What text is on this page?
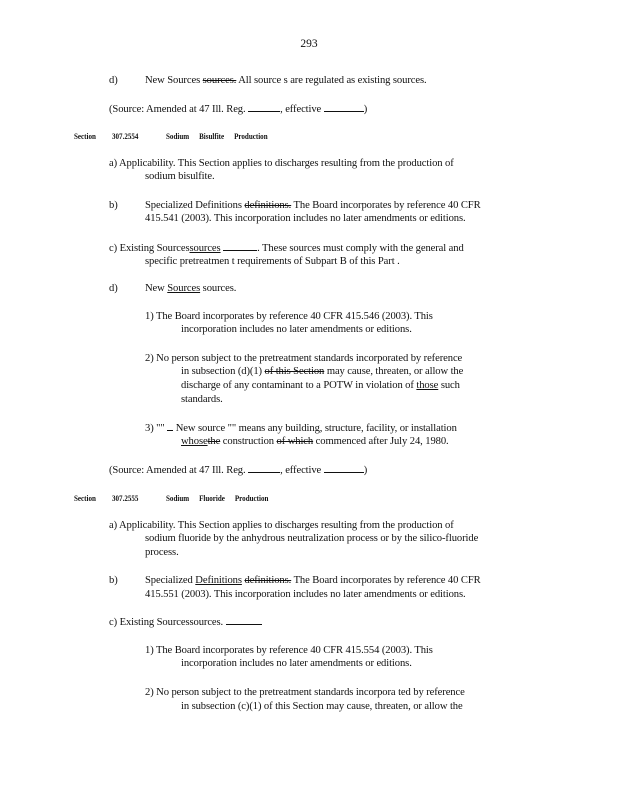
293
d)	New Sources sources. All source s are regulated as existing sources.
(Source: Amended at 47 Ill. Reg.	, effective	)
Section 307.2554	Sodium Bisulfite Production
a) Applicability. This Section applies to discharges resulting from the production of
sodium bisulfite.
b)	Specialized Definitions definitions. The Board incorporates by reference 40 CFR
415.541 (2003). This incorporation includes no later amendments or editions.
c) Existing Sourcessources	. These sources must comply with the general and
specific pretreatmen t requirements of Subpart B of this Part .
d)	New Sources sources.
1) The Board incorporates by reference 40 CFR 415.546 (2003). This
incorporation includes no later amendments or editions.
2) No person subject to the pretreatment standards incorporated by reference
in subsection (d)(1) of this Section may cause, threaten, or allow the
discharge of any contaminant to a POTW in violation of those such
standards.
3) "" New source "" means any building, structure, facility, or installation
whosethe construction of which commenced after July 24, 1980.
(Source: Amended at 47 Ill. Reg.	, effective	)
Section 307.2555	Sodium Fluoride Production
a) Applicability. This Section applies to discharges resulting from the production of
sodium fluoride by the anhydrous neutralization process or by the silico-fluoride
process.
b)	Specialized Definitions definitions. The Board incorporates by reference 40 CFR
415.551 (2003). This incorporation includes no later amendments or editions.
c) Existing Sourcessources.
1) The Board incorporates by reference 40 CFR 415.554 (2003). This
incorporation includes no later amendments or editions.
2) No person subject to the pretreatment standards incorpora ted by reference
in subsection (c)(1) of this Section may cause, threaten, or allow the
